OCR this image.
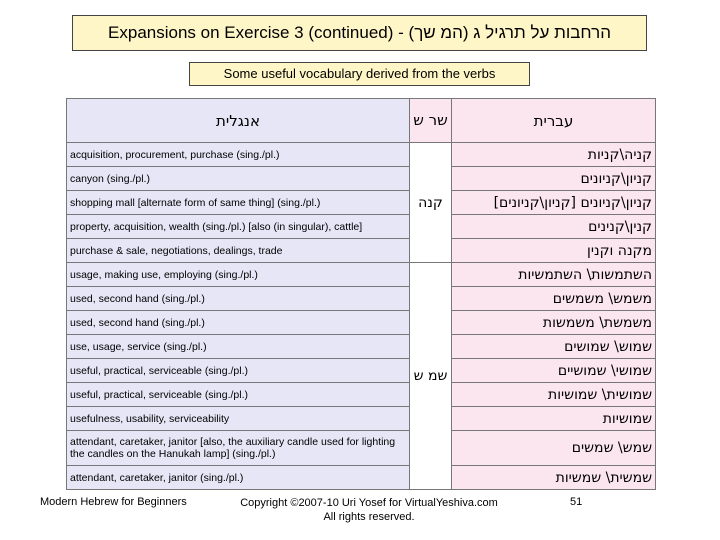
Expansions on Exercise 3 (continued) - הרחבות על תרגיל ג (המ שך)
Some useful vocabulary derived from the verbs
אנגלית	שר ש	עברית
acquisition, procurement, purchase (sing./pl.)	קנה	קניה\קניות
canyon (sing./pl.)		קניון\קניונים
shopping mall [alternate form of same thing] (sing./pl.)		קניון\קניונים [קניון\קניונים]
property, acquisition, wealth (sing./pl.) [also (in singular), cattle]		קנין\קנינים
purchase & sale, negotiations, dealings, trade		מקנה וקנין
usage, making use, employing (sing./pl.)	שמ ש	השתמשות\ השתמשיות
used, second hand (sing./pl.)		משמש\ משמשים
used, second hand (sing./pl.)		משמשת\ משמשות
use, usage, service (sing./pl.)		שמוש\ שמושים
useful, practical, serviceable (sing./pl.)		שמושי\ שמושיים
useful, practical, serviceable (sing./pl.)		שמושית\ שמושיות
usefulness, usability, serviceability		שמושיות
attendant, caretaker, janitor [also, the auxiliary candle used for lighting the candles on the Hanukah lamp] (sing./pl.)		שמש\ שמשים
attendant, caretaker, janitor (sing./pl.)		שמשית\ שמשיות
Modern Hebrew for Beginners	Copyright ©2007-10 Uri Yosef for VirtualYeshiva.com
All rights reserved.
51
